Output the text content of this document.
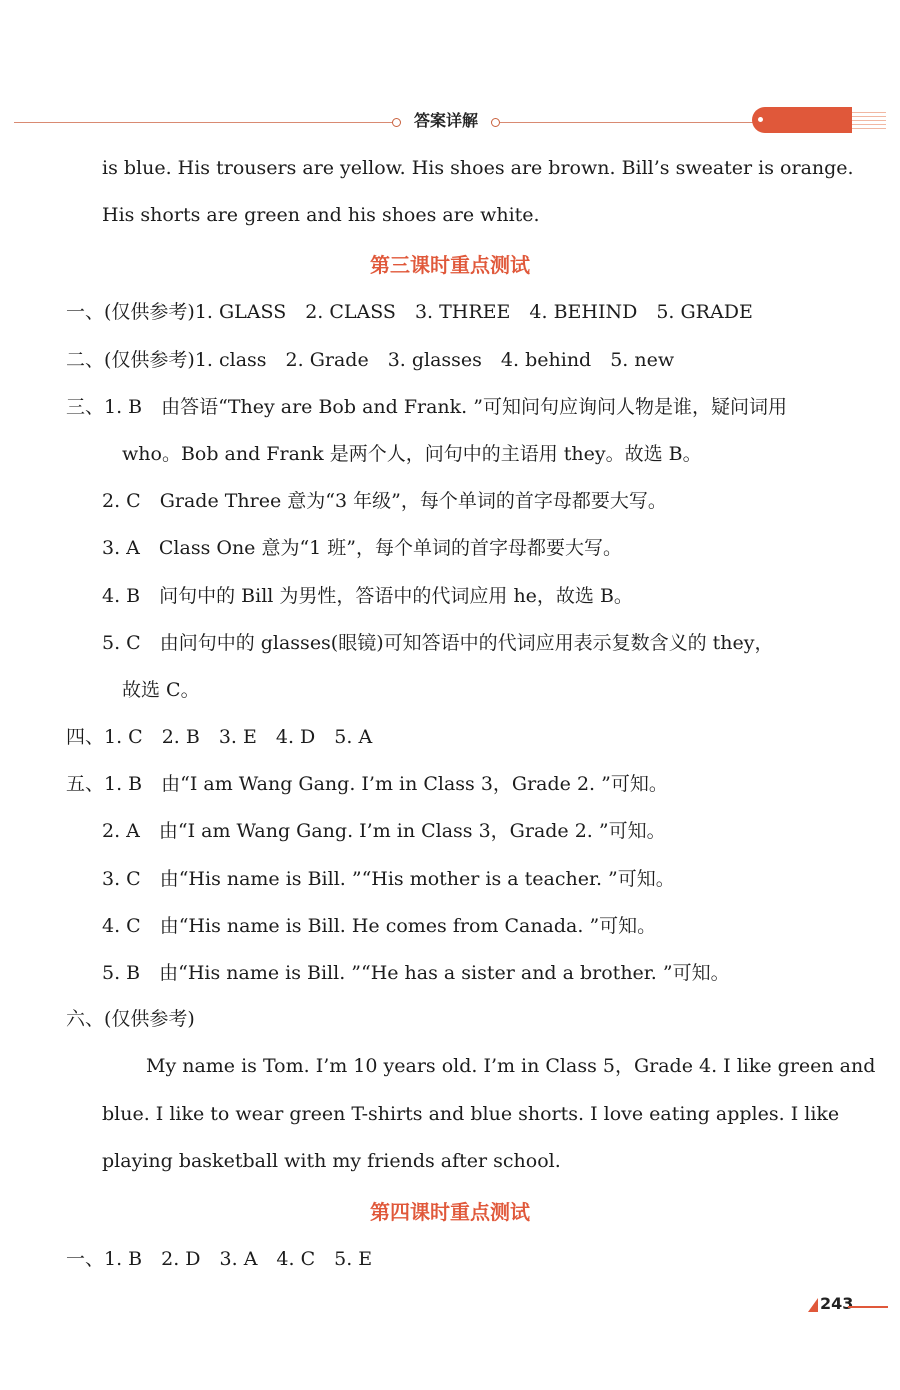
答案详解
is blue. His trousers are yellow. His shoes are brown. Bill’s sweater is orange.
His shorts are green and his shoes are white.
第三课时重点测试
一、(仅供参考)1. GLASS　2. CLASS　3. THREE　4. BEHIND　5. GRADE
二、(仅供参考)1. class　2. Grade　3. glasses　4. behind　5. new
三、1. B　由答语“They are Bob and Frank. ”可知问句应询问人物是谁，疑问词用
who。Bob and Frank 是两个人，问句中的主语用 they。故选 B。
2. C　Grade Three 意为“3 年级”，每个单词的首字母都要大写。
3. A　Class One 意为“1 班”，每个单词的首字母都要大写。
4. B　问句中的 Bill 为男性，答语中的代词应用 he，故选 B。
5. C　由问句中的 glasses(眼镜)可知答语中的代词应用表示复数含义的 they，
故选 C。
四、1. C　2. B　3. E　4. D　5. A
五、1. B　由“I am Wang Gang. I’m in Class 3，Grade 2. ”可知。
2. A　由“I am Wang Gang. I’m in Class 3，Grade 2. ”可知。
3. C　由“His name is Bill. ”“His mother is a teacher. ”可知。
4. C　由“His name is Bill. He comes from Canada. ”可知。
5. B　由“His name is Bill. ”“He has a sister and a brother. ”可知。
六、(仅供参考)
My name is Tom. I’m 10 years old. I’m in Class 5，Grade 4. I like green and
blue. I like to wear green T-shirts and blue shorts. I love eating apples. I like
playing basketball with my friends after school.
第四课时重点测试
一、1. B　2. D　3. A　4. C　5. E
243
